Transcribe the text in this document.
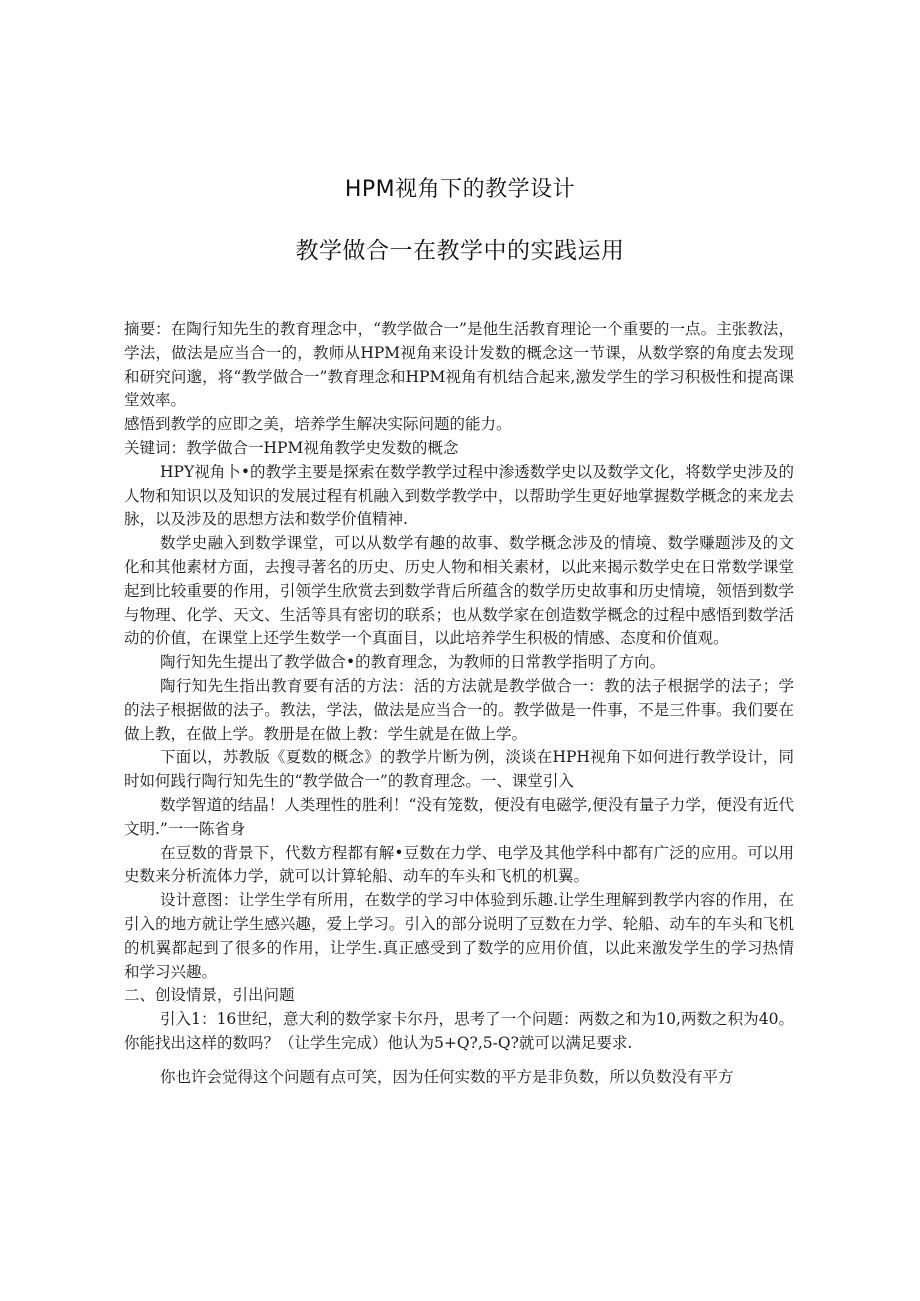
HPM视角下的教学设计
教学做合一在教学中的实践运用

摘要：在陶行知先生的教育理念中，“教学做合一”是他生活教育理论一个重要的一点。主张教法，学法，做法是应当合一的，教师从HPM视角来设计发数的概念这一节课，从数学察的角度去发现和研究问邈，将“教学做合一”教育理念和HPM视角有机结合起来,激发学生的学习积极性和提高课堂效率。

感悟到教学的应即之美，培养学生解决实际问题的能力。

关键词：教学做合一HPM视角教学史发数的概念

HPY视角卜•的教学主要是探索在数学教学过程中渗透数学史以及数学文化，将数学史涉及的人物和知识以及知识的发展过程有机融入到数学教学中，以帮助学生更好地掌握数学概念的来龙去脉，以及涉及的思想方法和数学价值精神.

数学史融入到数学课堂，可以从数学有趣的故事、数学概念涉及的情境、数学赚题涉及的文化和其他素材方面，去搜寻著名的历史、历史人物和相关素材，以此来揭示数学史在日常数学课堂起到比较重要的作用，引领学生欣赏去到数学背后所蕴含的数学历史故事和历史情境，领悟到数学与物理、化学、天文、生活等具有密切的联系；也从数学家在创造数学概念的过程中感悟到数学活动的价值，在课堂上还学生数学一个真面目，以此培养学生积极的情感、态度和价值观。

陶行知先生提出了教学做合•的教育理念，为教师的日常教学指明了方向。

陶行知先生指出教育要有活的方法：活的方法就是教学做合一：教的法子根据学的法子；学的法子根据做的法子。教法，学法，做法是应当合一的。教学做是一件事，不是三件事。我们要在做上教，在做上学。教册是在做上教：学生就是在做上学。

下面以，苏教版《夏数的概念》的教学片断为例，淡谈在HPH视角下如何进行教学设计，同时如何践行陶行知先生的“教学做合一”的教育理念。一、课堂引入

数学智道的结晶！人类理性的胜利！“没有笼数，便没有电磁学,便没有量子力学，便没有近代文明.”一一陈省身

在豆数的背景下，代数方程都有解•豆数在力学、电学及其他学科中都有广泛的应用。可以用史数来分析流体力学，就可以计算轮船、动车的车头和飞机的机翼。

设计意图：让学生学有所用，在数学的学习中体验到乐趣.让学生理解到教学内容的作用，在引入的地方就让学生感兴趣，爱上学习。引入的部分说明了豆数在力学、轮船、动车的车头和飞机的机翼都起到了很多的作用，让学生.真正感受到了数学的应用价值，以此来激发学生的学习热情和学习兴趣。

二、创设情景，引出问题

引入1：16世纪，意大利的数学家卡尔丹，思考了一个问题：两数之和为10,两数之积为40。你能找出这样的数吗？（让学生完成）他认为5+Q?,5-Q?就可以满足要求.

你也许会觉得这个问题有点可笑，因为任何实数的平方是非负数，所以负数没有平方
